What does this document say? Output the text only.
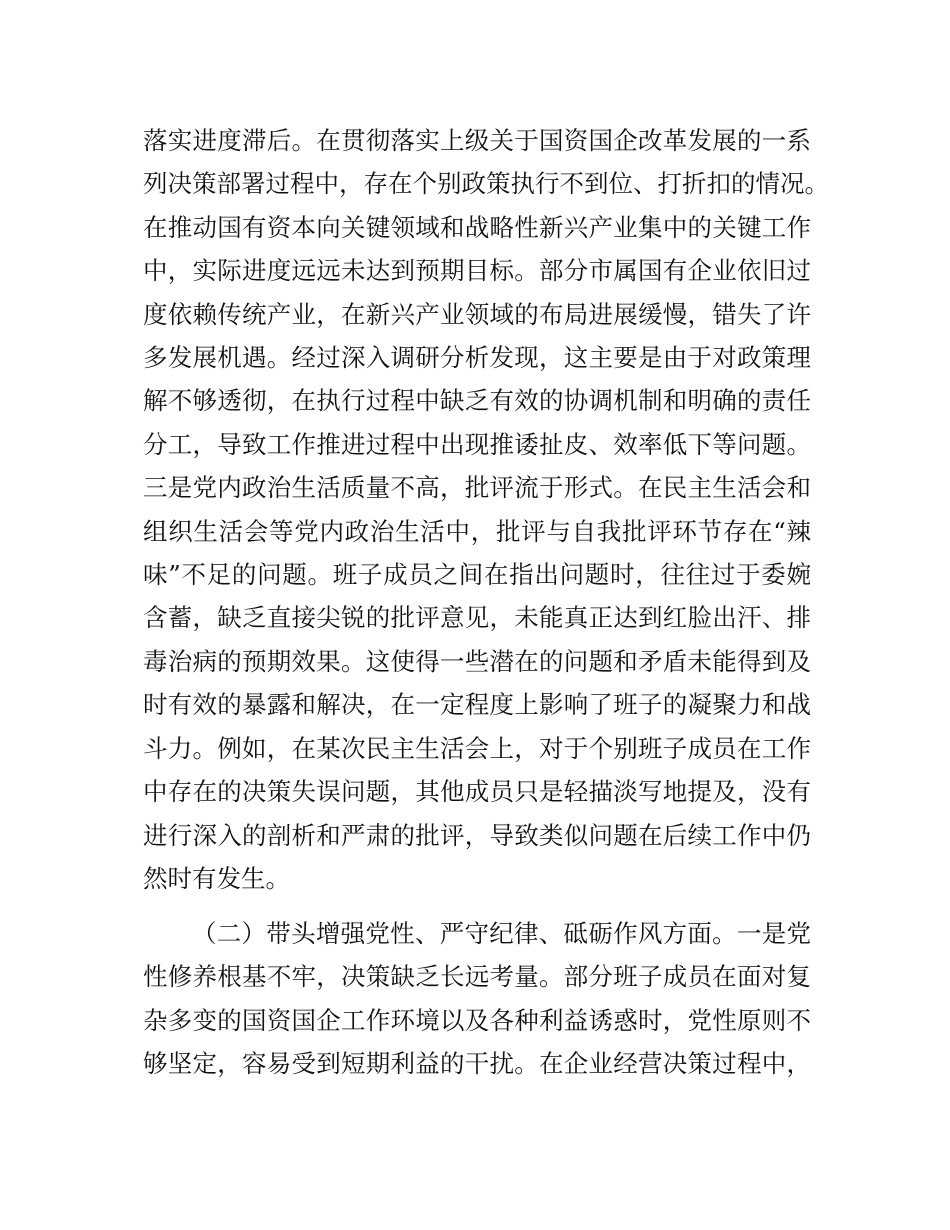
落实进度滞后。在贯彻落实上级关于国资国企改革发展的一系
列决策部署过程中，存在个别政策执行不到位、打折扣的情况。
在推动国有资本向关键领域和战略性新兴产业集中的关键工作
中，实际进度远远未达到预期目标。部分市属国有企业依旧过
度依赖传统产业，在新兴产业领域的布局进展缓慢，错失了许
多发展机遇。经过深入调研分析发现，这主要是由于对政策理
解不够透彻，在执行过程中缺乏有效的协调机制和明确的责任
分工，导致工作推进过程中出现推诿扯皮、效率低下等问题。
三是党内政治生活质量不高，批评流于形式。在民主生活会和
组织生活会等党内政治生活中，批评与自我批评环节存在“辣
味”不足的问题。班子成员之间在指出问题时，往往过于委婉
含蓄，缺乏直接尖锐的批评意见，未能真正达到红脸出汗、排
毒治病的预期效果。这使得一些潜在的问题和矛盾未能得到及
时有效的暴露和解决，在一定程度上影响了班子的凝聚力和战
斗力。例如，在某次民主生活会上，对于个别班子成员在工作
中存在的决策失误问题，其他成员只是轻描淡写地提及，没有
进行深入的剖析和严肃的批评，导致类似问题在后续工作中仍
然时有发生。
（二）带头增强党性、严守纪律、砥砺作风方面。一是党
性修养根基不牢，决策缺乏长远考量。部分班子成员在面对复
杂多变的国资国企工作环境以及各种利益诱惑时，党性原则不
够坚定，容易受到短期利益的干扰。在企业经营决策过程中，
